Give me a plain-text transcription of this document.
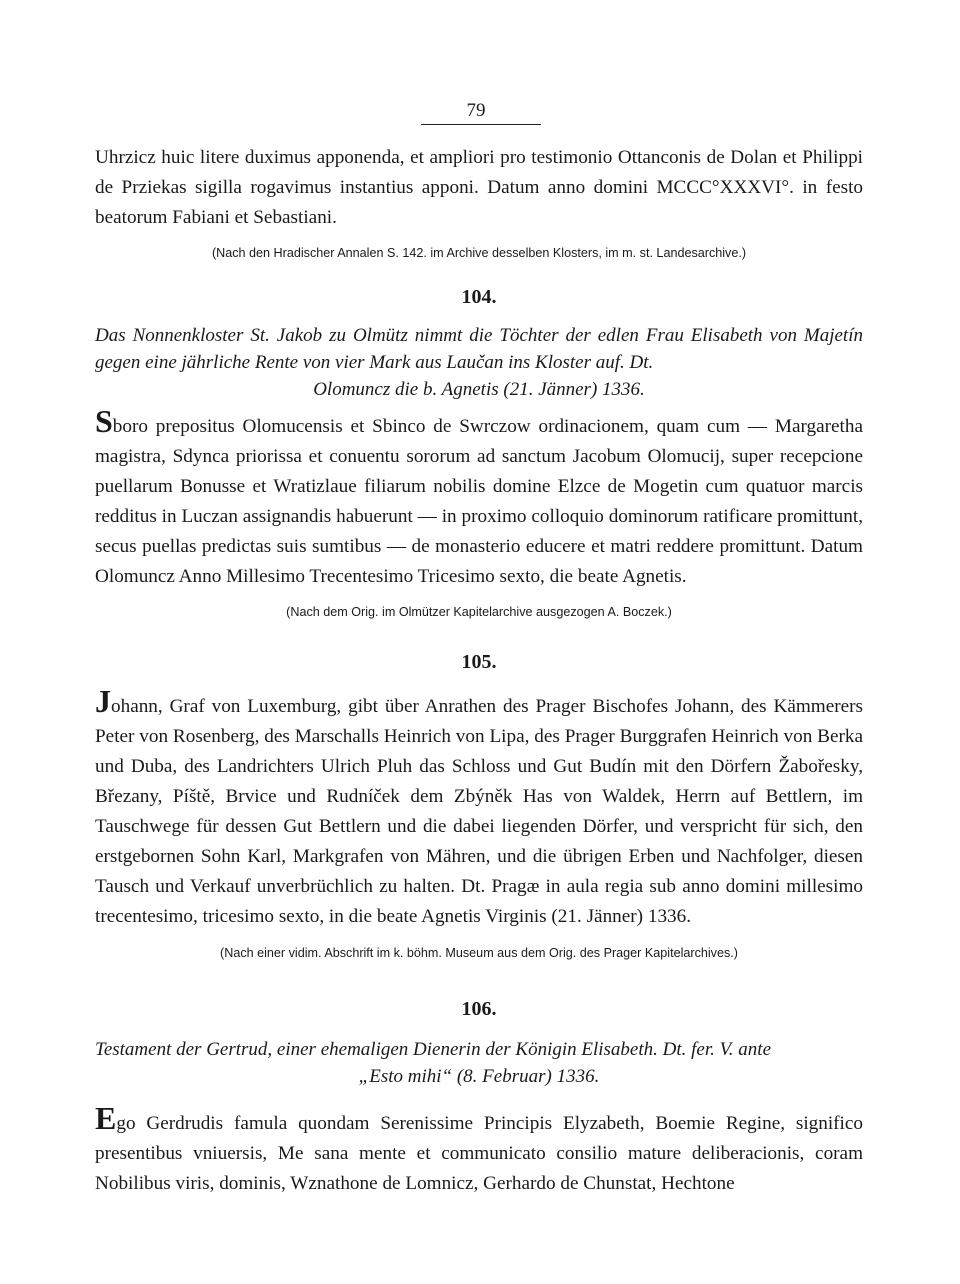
79

Uhrzicz huic litere duximus apponenda, et ampliori pro testimonio Ottanconis de Dolan et Philippi de Prziekas sigilla rogavimus instantius apponi. Datum anno domini MCCC°XXXVI°. in festo beatorum Fabiani et Sebastiani.

(Nach den Hradischer Annalen S. 142. im Archive desselben Klosters, im m. st. Landesarchive.)
104.
Das Nonnenkloster St. Jakob zu Olmütz nimmt die Töchter der edlen Frau Elisabeth von Majetín gegen eine jährliche Rente von vier Mark aus Laučan ins Kloster auf. Dt.
Olomuncz die b. Agnetis (21. Jänner) 1336.

Sboro prepositus Olomucensis et Sbinco de Swrczow ordinacionem, quam cum — Margaretha magistra, Sdynca priorissa et conuentu sororum ad sanctum Jacobum Olomucij, super recepcione puellarum Bonusse et Wratizlaue filiarum nobilis domine Elzce de Mogetin cum quatuor marcis redditus in Luczan assignandis habuerunt — in proximo colloquio dominorum ratificare promittunt, secus puellas predictas suis sumtibus — de monasterio educere et matri reddere promittunt. Datum Olomuncz Anno Millesimo Trecentesimo Tricesimo sexto, die beate Agnetis.

(Nach dem Orig. im Olmützer Kapitelarchive ausgezogen A. Boczek.)
105.

Johann, Graf von Luxemburg, gibt über Anrathen des Prager Bischofes Johann, des Kämmerers Peter von Rosenberg, des Marschalls Heinrich von Lipa, des Prager Burggrafen Heinrich von Berka und Duba, des Landrichters Ulrich Pluh das Schloss und Gut Budín mit den Dörfern Žabořesky, Březany, Píště, Brvice und Rudníček dem Zbýněk Has von Waldek, Herrn auf Bettlern, im Tauschwege für dessen Gut Bettlern und die dabei liegenden Dörfer, und verspricht für sich, den erstgebornen Sohn Karl, Markgrafen von Mähren, und die übrigen Erben und Nachfolger, diesen Tausch und Verkauf unverbrüchlich zu halten. Dt. Pragæ in aula regia sub anno domini millesimo trecentesimo, tricesimo sexto, in die beate Agnetis Virginis (21. Jänner) 1336.

(Nach einer vidim. Abschrift im k. böhm. Museum aus dem Orig. des Prager Kapitelarchives.)
106.
Testament der Gertrud, einer ehemaligen Dienerin der Königin Elisabeth. Dt. fer. V. ante
„Esto mihi“ (8. Februar) 1336.

Ego Gerdrudis famula quondam Serenissime Principis Elyzabeth, Boemie Regine, significo presentibus vniuersis, Me sana mente et communicato consilio mature deliberacionis, coram Nobilibus viris, dominis, Wznathone de Lomnicz, Gerhardo de Chunstat, Hechtone
